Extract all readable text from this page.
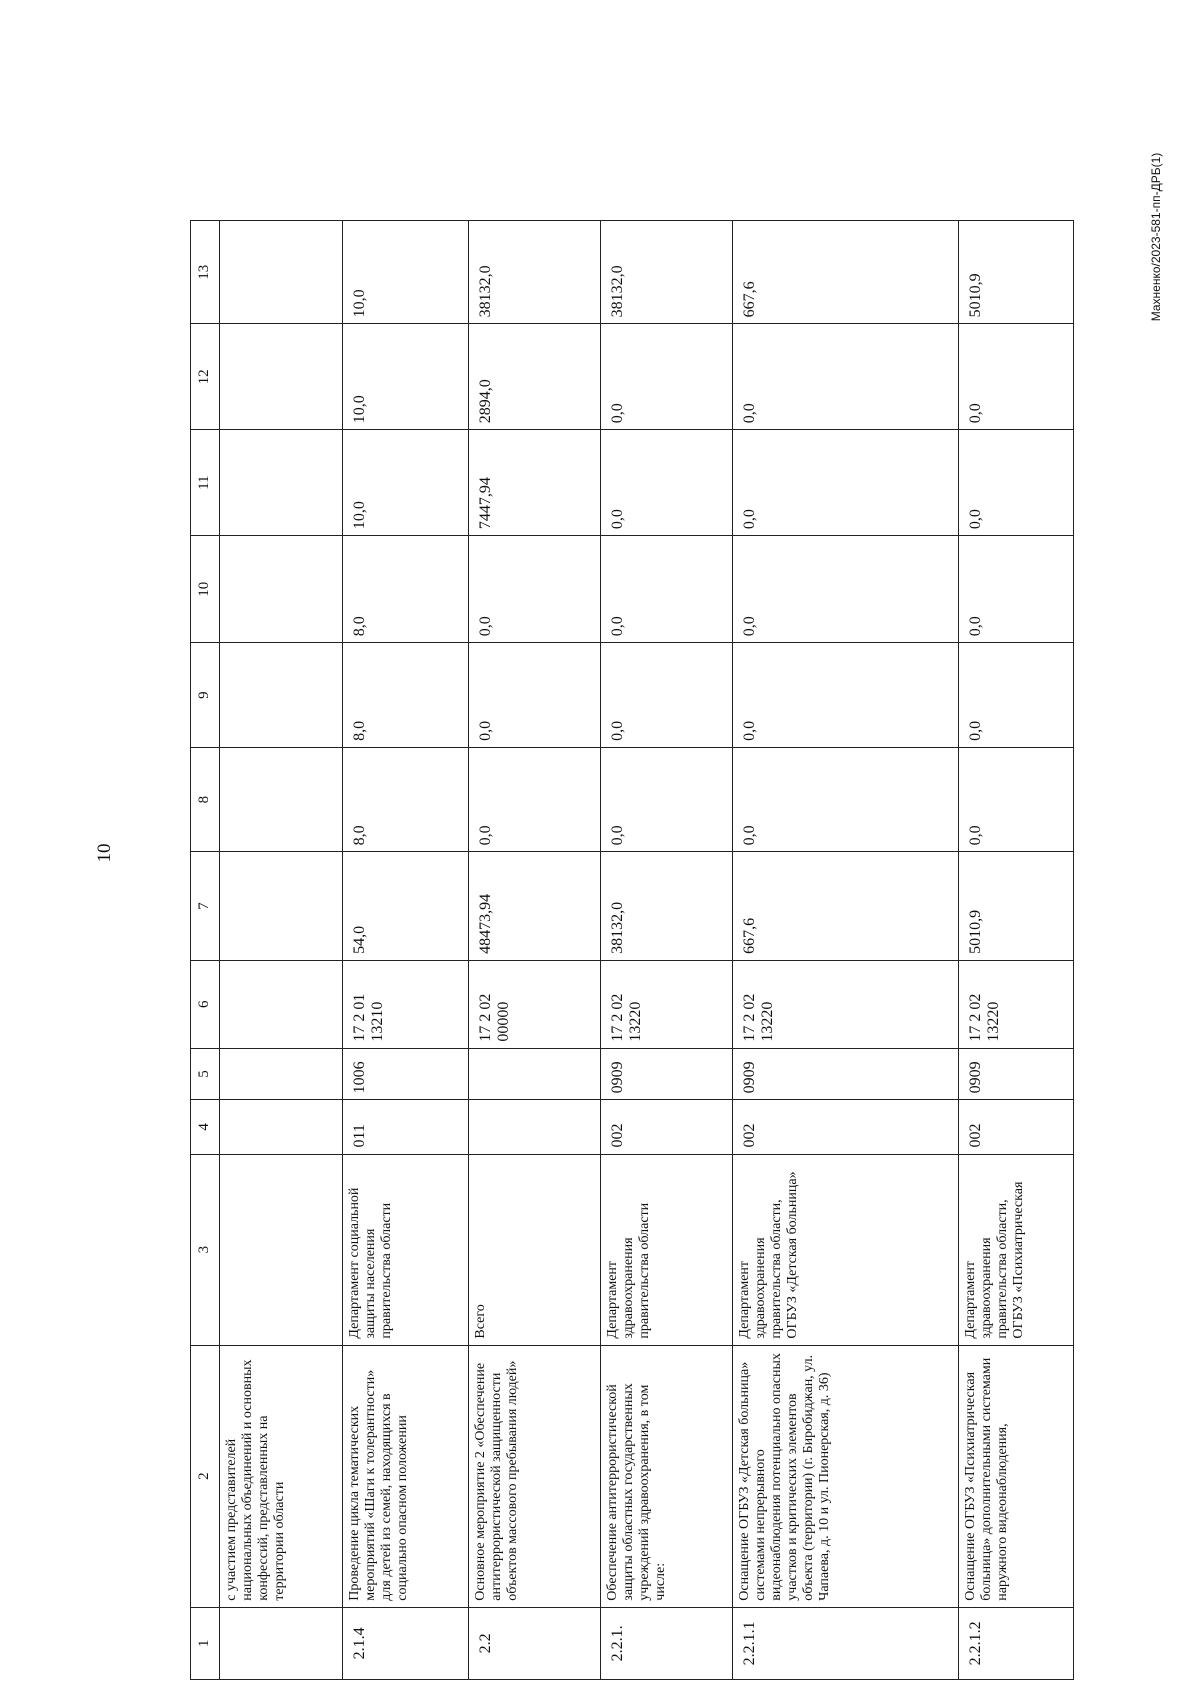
10
Махненко/2023-581-пп-ДРБ(1)
1	2	3	4	5	6	7	8	9	10	11	12	13
	с участием представителей национальных объединений и основных конфессий, представленных на территории области											
2.1.4	Проведение цикла тематических мероприятий «Шаги к толерантности» для детей из семей, находящихся в социально опасном положении	Департамент социальной защиты населения правительства области	011	1006	17 2 01 13210	54,0	8,0	8,0	8,0	10,0	10,0	10,0
2.2	Основное мероприятие 2 «Обеспечение антитеррористической защищенности объектов массового пребывания людей»	Всего			17 2 02 00000	48473,94	0,0	0,0	0,0	7447,94	2894,0	38132,0
2.2.1.	Обеспечение антитеррористической защиты областных государственных учреждений здравоохранения, в том числе:	Департамент здравоохранения правительства области	002	0909	17 2 02 13220	38132,0	0,0	0,0	0,0	0,0	0,0	38132,0
2.2.1.1	Оснащение ОГБУЗ «Детская больница» системами непрерывного видеонаблюдения потенциально опасных участков и критических элементов объекта (территории) (г. Биробиджан, ул. Чапаева, д. 10 и ул. Пионерская, д. 36)	Департамент здравоохранения правительства области, ОГБУЗ «Детская больница»	002	0909	17 2 02 13220	667,6	0,0	0,0	0,0	0,0	0,0	667,6
2.2.1.2	Оснащение ОГБУЗ «Психиатрическая больница» дополнительными системами наружного видеонаблюдения,	Департамент здравоохранения правительства области, ОГБУЗ «Психиатрическая	002	0909	17 2 02 13220	5010,9	0,0	0,0	0,0	0,0	0,0	5010,9
